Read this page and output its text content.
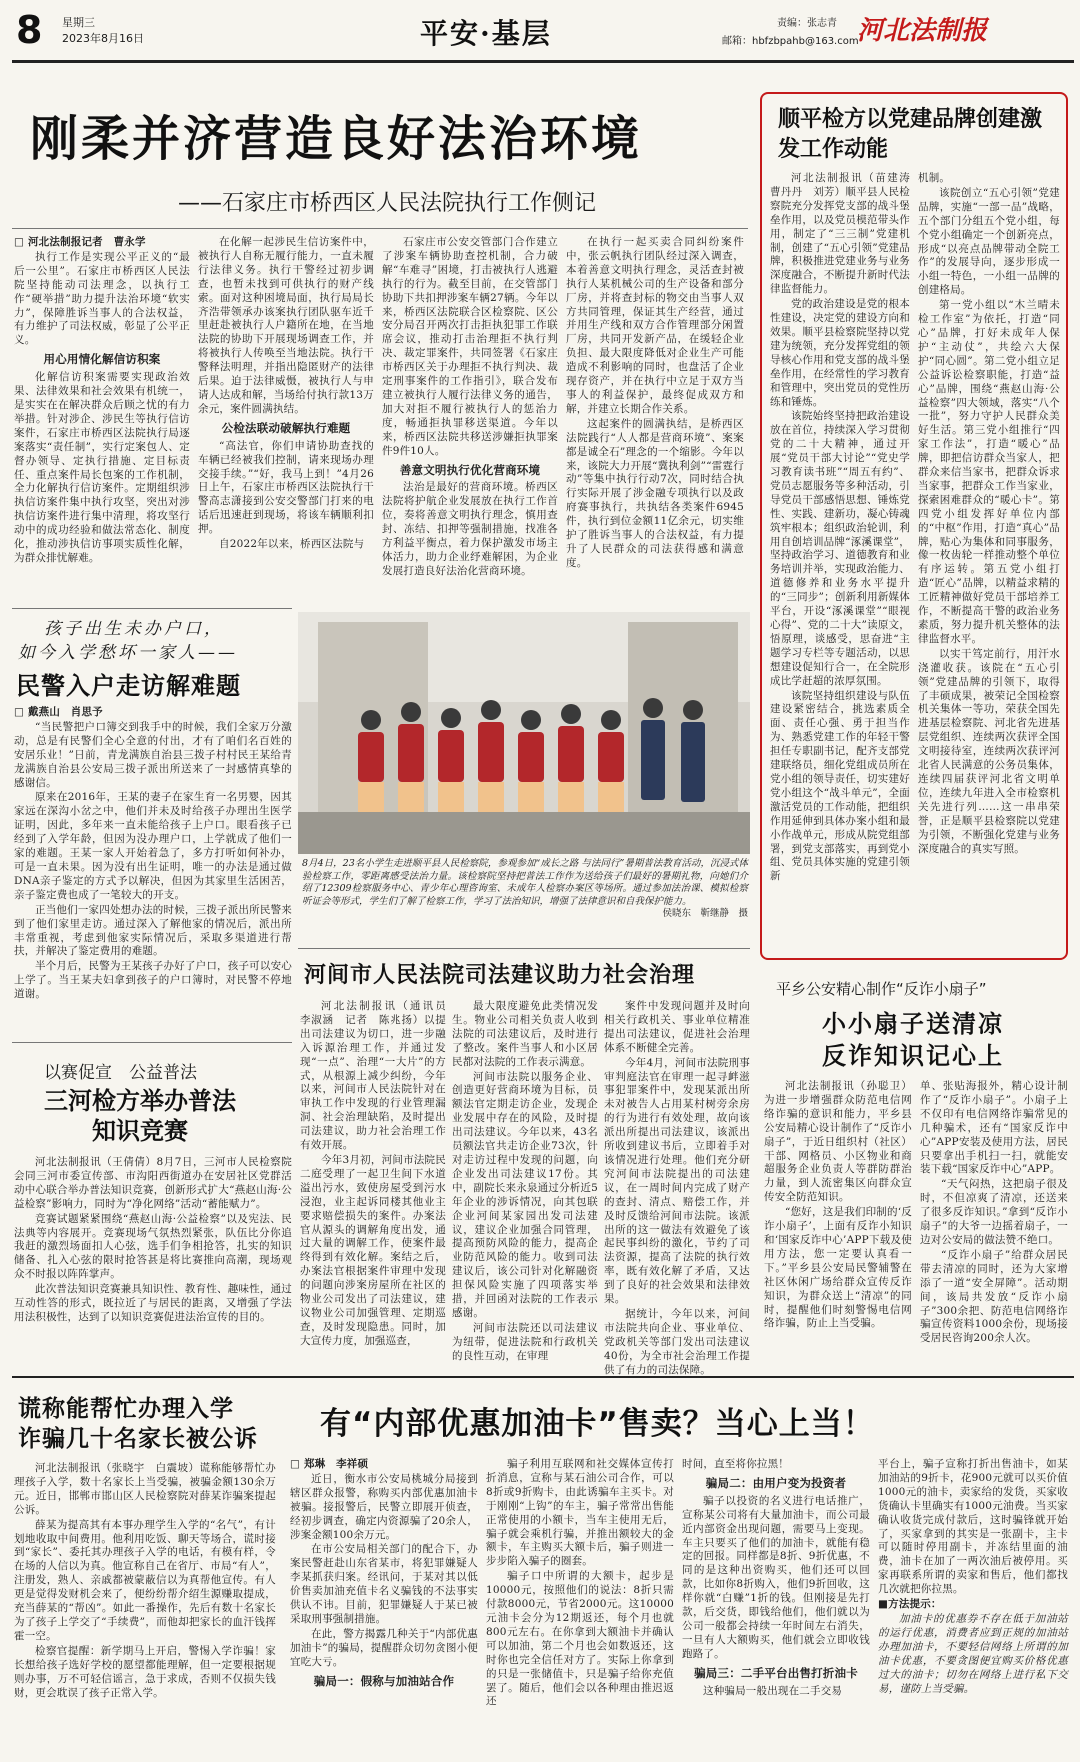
8 星期三
2023年8月16日	平安·基层	责编：张志青
邮箱：hbfzbpahb@163.com
河北法制报
刚柔并济营造良好法治环境
——石家庄市桥西区人民法院执行工作侧记

□ 河北法制报记者　曹永学

执行工作是实现公平正义的“最后一公里”。石家庄市桥西区人民法院坚持能动司法理念，以执行工作“硬举措”助力提升法治环境“软实力”，保障胜诉当事人的合法权益，有力维护了司法权威，彰显了公平正义。

用心用情化解信访积案

化解信访积案需要实现政治效果、法律效果和社会效果有机统一，是实实在在解决群众后顾之忧的有力举措。针对涉企、涉民生等执行信访案件，石家庄市桥西区法院执行局逐案落实“责任制”，实行定案包人、定督办领导、定执行措施、定目标责任、重点案件局长包案的工作机制，全力化解执行信访案件。定期组织涉执信访案件集中执行攻坚，突出对涉执信访案件进行集中清理，将攻坚行动中的成功经验和做法常态化、制度化，推动涉执信访事项实质性化解，为群众排忧解难。

在化解一起涉民生信访案件中，被执行人自称无履行能力，一直未履行法律义务。执行干警经过初步调查，也暂未找到可供执行的财产线索。面对这种困境局面，执行局局长齐浩带领承办该案执行团队驱车近千里赶赴被执行人户籍所在地，在当地法院的协助下开展现场调查工作，并将被执行人传唤至当地法院。执行干警释法明理，并指出隐匿财产的法律后果。迫于法律威慑，被执行人与申请人达成和解，当场给付执行款13万余元，案件圆满执结。

公检法联动破解执行难题

“高法官，你们申请协助查找的车辆已经被我们控制，请来现场办理交接手续。”“好，我马上到！”4月26日上午，石家庄市桥西区法院执行干警高志潇接到公安交警部门打来的电话后迅速赶到现场，将该车辆顺利扣押。

自2022年以来，桥西区法院与

石家庄市公安交管部门合作建立了涉案车辆协助查控机制，合力破解“车难寻”困境，打击被执行人逃避执行的行为。截至目前，在交管部门协助下共扣押涉案车辆27辆。今年以来，桥西区法院联合区检察院、区公安分局召开两次打击拒执犯罪工作联席会议，推动打击治理拒不执行判决、裁定罪案件，共同签署《石家庄市桥西区关于办理拒不执行判决、裁定刑事案件的工作指引》，联合发布建立被执行人履行法律义务的通告，加大对拒不履行被执行人的惩治力度，畅通拒执罪移送渠道。今年以来，桥西区法院共移送涉嫌拒执罪案件9件10人。

善意文明执行优化营商环境

法治是最好的营商环境。桥西区法院将护航企业发展放在执行工作首位，奏将善意文明执行理念，慎用查封、冻结、扣押等强制措施，找准各方利益平衡点，着力保护激发市场主体活力，助力企业纾难解困，为企业发展打造良好法治化营商环境。

在执行一起买卖合同纠纷案件中，张云帆执行团队经过深入调查，本着善意文明执行理念，灵活查封被执行人某机械公司的生产设备和部分厂房，并将查封标的物交由当事人双方共同管理，保证其生产经营，通过并用生产线和双方合作管理部分闲置厂房，共同开发新产品，在缓轻企业负担、最大限度降低对企业生产可能造成不利影响的同时，也盘活了企业现存资产，并在执行中立足于双方当事人的利益保护，最终促成双方和解，并建立长期合作关系。

这起案件的圆满执结，是桥西区法院践行“人人都是营商环境”、案案都是诚全石”理念的一个缩影。今年以来，该院大力开展“冀执利剑”“雷霆行动”等集中执行行动7次，同时结合执行实际开展了涉金融专项执行以及政府赛事执行，共执结各类案件6945件，执行到位金额11亿余元，切实维护了胜诉当事人的合法权益，有力提升了人民群众的司法获得感和满意度。

顺平检方以党建品牌创建激发工作动能

河北法制报讯（苗建涛　曹丹丹　刘芳）顺平县人民检察院充分发挥党支部的战斗堡垒作用，以及党员模范带头作用，制定了“三三制”党建机制，创建了“五心引领”党建品牌，积极推进党建业务与业务深度融合，不断提升新时代法律监督能力。

党的政治建设是党的根本性建设，决定党的建设方向和效果。顺平县检察院坚持以党建为统领，充分发挥党组的领导核心作用和党支部的战斗堡垒作用，在经常性的学习教育和管理中，突出党员的党性历练和锤炼。

该院始终坚持把政治建设放在首位，持续深入学习贯彻党的二十大精神，通过开展“党员干部大讨论”“党史学习教育读书班”“周五有约”、党员志愿服务等多种活动，引导党员干部感悟思想、锤炼党性、实践、建新功，凝心铸魂筑牢根本；组织政治轮训，利用自创培训品牌“涿溪课堂”，坚持政治学习、道德教育和业务培训并举，实现政治能力、道德修养和业务水平提升的“三同步”；创新利用新媒体平台，开设“涿溪课堂”“眼视心得”、党的二十大”读原文，悟原理，谈感受，思奋进“主题学习专栏等专题活动，以思想建设促知行合一，在全院形成比学赶超的浓厚氛围。

该院坚持组织建设与队伍建设紧密结合，挑选素质全面、责任心强、勇于担当作为、熟悉党建工作的年轻干警担任专职副书记，配齐支部党建联络员，细化党组成员所在党小组的领导责任，切实建好党小组这个“战斗单元”，全面激活党员的工作动能，把组织作用延伸到具体办案小组和最小作战单元，形成从院党组部署，到党支部落实，再到党小组、党员具体实施的党建引领新

机制。

该院创立“五心引领”党建品牌，实施“一部一品”战略，五个部门分组五个党小组，每个党小组确定一个创新亮点，形成“以亮点品牌带动全院工作”的发展导向，逐步形成一小组一特色，一小组一品牌的创建格局。

第一党小组以“木兰晴未检工作室”为依托，打造“同心”品牌，打好未成年人保护“主动仗”，共绘六大保护“同心圆”。第二党小组立足公益诉讼检察职能，打造“益心”品牌，围绕“燕赵山海·公益检察”四大领域，落实“八个一批”，努力守护人民群众美好生活。第三党小组推行“四家工作法”，打造“暖心”品牌，即把信访群众当家人，把群众来信当家书，把群众诉求当家事，把群众工作当家业，探索困难群众的“暖心卡”。第四党小组发挥好单位内部的“中枢”作用，打造“真心”品牌，贴心为集体和同事服务，像一枚齿轮一样推动整个单位有序运转。第五党小组打造“匠心”品牌，以精益求精的工匠精神做好党员干部培养工作，不断提高干警的政治业务素质，努力提升机关整体的法律监督水平。

以实干笃定前行，用汗水浇灌收获。该院在“五心引领”党建品牌的引领下，取得了丰硕成果，被荣记全国检察机关集体一等功，荣获全国先进基层检察院、河北省先进基层党组织、连续两次获评全国文明接待室，连续两次获评河北省人民满意的公务员集体，连续四届获评河北省文明单位，连续九年进入全市检察机关先进行列……这一串串荣誉，正是顺平县检察院以党建为引领，不断强化党建与业务深度融合的真实写照。

孩子出生未办户口，
如今入学愁坏一家人——
民警入户走访解难题

□ 戴燕山　肖思予

“当民警把户口簿交到我手中的时候，我们全家万分激动，总是有民警们全心全意的付出，才有了咱们名百姓的安居乐业！”日前，青龙满族自治县三拨子村村民王某给青龙满族自治县公安局三拨子派出所送来了一封感情真挚的感谢信。

原来在2016年，王某的妻子在家生育一名男婴，因其家远在深沟小岔之中，他们并未及时给孩子办理出生医学证明，因此，多年来一直未能给孩子上户口。眼看孩子已经到了入学年龄，但因为没办理户口，上学就成了他们一家的难题。王某一家人开始着急了，多方打听如何补办，可是一直未果。因为没有出生证明，唯一的办法是通过做DNA亲子鉴定的方式予以解决，但因为其家里生活困苦，亲子鉴定费也成了一笔较大的开支。

正当他们一家四处想办法的时候，三拨子派出所民警来到了他们家里走访。通过深入了解他家的情况后，派出所丰常重视，考虑到他家实际情况后，采取多渠道进行帮扶，并解决了鉴定费用的难题。

半个月后，民警为王某孩子办好了户口，孩子可以安心上学了。当王某夫妇拿到孩子的户口簿时，对民警不停地道谢。

8月4日，23名小学生走进顺平县人民检察院，参观参加“成长之路 与法同行”暑期普法教育活动，沉浸式体验检察工作，零距离感受法治力量。该检察院坚持把普法工作作为送给孩子们最好的暑期礼物，向她们介绍了12309检察服务中心、青少年心理咨询室、未成年人检察办案区等场所。通过参加法治课、模拟检察听证会等形式，学生们了解了检察工作，学习了法治知识，增强了法律意识和自我保护能力。
侯晓东　靳继静　摄
河间市人民法院司法建议助力社会治理

河北法制报讯（通讯员　李淑涵　记者　陈兆扬）以提出司法建议为切口，进一步融入诉源治理工作，并通过发现“一点”、治理“一大片”的方式，从根源上减少纠纷，今年以来，河间市人民法院针对在审执工作中发现的行业管理漏洞、社会治理缺陷，及时提出司法建议，助力社会治理工作有效开展。

今年3月初，河间市法院民二庭受理了一起卫生间下水道溢出污水，致使房屋受到污水浸泡，业主起诉同楼其他业主要求赔偿损失的案件。办案法官从源头的调解角度出发，通过大量的调解工作，使案件最终得到有效化解。案结之后，办案法官根据案件审理中发现的问题向涉案房屋所在社区的物业公司发出了司法建议，建议物业公司加强管理、定期巡查，及时发现隐患。同时，加大宣传力度，加强巡查，

最大限度避免此类情况发生。物业公司相关负责人收到法院的司法建议后，及时进行了整改。案件当事人和小区居民都对法院的工作表示满意。

河间市法院以服务企业、创造更好营商环境为目标，员额法官定期走访企业，发现企业发展中存在的风险，及时提出司法建议。今年以来，43名员额法官共走访企业73次，针对走访过程中发现的问题，向企业发出司法建议17份。其中，副院长来永泉通过分析近5年企业的涉诉情况，向其包联企业河间某家园出发司法建议，建议企业加强合同管理，提高预防风险的能力，提高企业防范风险的能力。收到司法建议后，该公司针对化解融资担保风险实施了四项落实举措，并回函对法院的工作表示感谢。

河间市法院还以司法建议为纽带，促进法院和行政机关的良性互动，在审理

案件中发现问题并及时向相关行政机关、事业单位精准提出司法建议，促进社会治理体系不断健全完善。

今年4月，河间市法院刑事审判庭法官在审理一起寻衅滋事犯罪案件中，发现某派出所未对被告人占用某村树旁余房的行为进行有效处理，故向该派出所提出司法建议，该派出所收到建议书后，立即着手对该情况进行处理。他们充分研究河间市法院提出的司法建议，在一周时间内完成了财产的查封、清点、赔偿工作，并及时反馈给河间市法院。该派出所的这一做法有效避免了该起民事纠纷的激化，节约了司法资源，提高了法院的执行效率，既有效化解了矛盾，又达到了良好的社会效果和法律效果。

据统计，今年以来，河间市法院共向企业、事业单位、党政机关等部门发出司法建议40份，为全市社会治理工作提供了有力的司法保障。

平乡公安精心制作“反诈小扇子”
小小扇子送清凉
反诈知识记心上

河北法制报讯（孙聪卫）为进一步增强群众防范电信网络诈骗的意识和能力，平乡县公安局精心设计制作了“反诈小扇子”，于近日组织村（社区）干部、网格员、小区物业和商超服务企业负责人等群防群治力量，到人流密集区向群众宣传安全防范知识。

“您好，这是我们印制的‘反诈小扇子’，上面有反诈小知识和‘国家反诈中心’APP下载及使用方法，您一定要认真看一下。”平乡县公安局民警辅警在社区休闲广场给群众宣传反诈知识，为群众送上“清凉”的同时，提醒他们时刻警惕电信网络诈骗，防止上当受骗。

单、张贴海报外，精心设计制作了“反诈小扇子”。小扇子上不仅印有电信网络诈骗常见的几种骗术，还有“国家反诈中心”APP安装及使用方法，居民只要拿出手机扫一扫，就能安装下载“国家反诈中心”APP。

“天气闷热，这把扇子很及时，不但凉爽了清凉，还送来了很多反诈知识。”拿到“反诈小扇子”的大爷一边摇着扇子，一边对公安局的做法赞不绝口。

“反诈小扇子”给群众居民带去清凉的同时，还为大家增添了一道“安全屏障”。活动期间，该局共发放“反诈小扇子”300余把、防范电信网络诈骗宣传资料1000余份，现场接受居民咨询200余人次。

以赛促宣　公益普法
三河检方举办普法知识竞赛

河北法制报讯（王倩倩）8月7日，三河市人民检察院会同三河市委宣传部、市沟阳西街道办在安居社区党群活动中心联合举办普法知识竞赛，创新形式扩大“燕赵山海·公益检察”影响力，同时为“净化网络”活动“蓄能赋力”。

竞赛试题紧紧围绕“燕赵山海·公益检察”以及宪法、民法典等内容展开。竞赛现场气氛热烈紧张，队伍比分你追我赶的激烈场面扣人心弦，选手们争相抢答，扎实的知识储备、扎入心弦的限时抢答甚是将比赛推向高潮，现场观众不时报以阵阵掌声。

此次普法知识竞赛兼具知识性、教育性、趣味性，通过互动性答的形式，既拉近了与居民的距离，又增强了学法用法积极性，达到了以知识竞赛促进法治宣传的目的。

谎称能帮忙办理入学
诈骗几十名家长被公诉

河北法制报讯（张晓宇　白震坡）谎称能够帮忙办理孩子入学，数十名家长上当受骗，被骗金额130余万元。近日，邯郸市邯山区人民检察院对薛某诈骗案提起公诉。

薛某为提高其有本事办理学生入学的“名气”，有计划地收取中间费用。他利用吃饭、聊天等场合，谎时接到“家长”、委托其办理孩子入学的电话，有模有样，令在场的人信以为真。他宣称自己在省厅、市局“有人”，注册发，熟人、亲戚都被蒙蔽信以为真帮他宣传。有人更是觉得发财机会来了，便纷纷帮介绍生源赚取提成，充当薛某的“帮凶”。如此一番操作，先后有数十名家长为了孩子上学交了“手续费”，而他却把家长的血汗钱挥霍一空。

检察官提醒：新学期马上开启，警惕入学诈骗！家长想给孩子选好学校的愿望都能理解，但一定要根据规则办事，万不可轻信谣言，急于求成，否则不仅损失钱财，更会耽误了孩子正常入学。

有“内部优惠加油卡”售卖？当心上当！

□ 郑琳　李祥硕

近日，衡水市公安局桃城分局接到辖区群众报警，称购买内部优惠加油卡被骗。接报警后，民警立即展开侦查，经初步调查，确定内资源骗了20余人，涉案金额100余万元。

在市公安局相关部门的配合下，办案民警赶赴山东省某市，将犯罪嫌疑人李某抓获归案。经讯问，于某对其以低价售卖加油充值卡名义骗钱的不法事实供认不讳。目前，犯罪嫌疑人于某已被采取刑事强制措施。

在此，警方揭露几种关于“内部优惠加油卡”的骗局，提醒群众切勿贪图小便宜吃大亏。

骗局一：假称与加油站合作

骗子利用互联网和社交媒体宣传打折消息，宣称与某石油公司合作，可以8折或9折购卡，由此诱骗车主买卡。对于刚刚“上钩”的车主，骗子常常出售能正常使用的小额卡，当车主使用无后，骗子就会乘机行骗，并推出额较大的金额卡，车主购买大额卡后，骗子则进一步步陷入骗子的圈套。

骗子口中所谓的大额卡，起步是10000元，按照他们的说法：8折只需付款8000元，节省2000元。这10000元油卡会分为12期返还，每个月也就800元左右。在你拿到大额油卡并确认可以加油，第二个月也会如数返还，这时你也完全信任对方了。实际上你拿到的只是一张储值卡，只是骗子给你充值罢了。随后，他们会以各种理由推迟返还

时间，直至将你拉黑！

骗局二：由用户变为投资者

骗子以投资的名义进行电话推广，宣称某公司将有大量加油卡，而公司最近内部资金出现问题，需要马上变现。车主只要买了他们的加油卡，就能有稳定的回报。同样都是8折、9折优惠，不同的是这种出资购买，他们还可以回款，比如你8折购入，他们9折回收，这样你就“白赚”1折的钱。但刚接是先打款，后交货，即钱给他们，他们就以为公司一般都会持续一年时间左右消失，一旦有人大额购买，他们就会立即收钱跑路了。

骗局三：二手平台出售打折油卡

这种骗局一般出现在二手交易

平台上，骗子宣称打折出售油卡，如某加油站的9折卡，花900元就可以买价值1000元的油卡，卖家给的发货，买家收货确认卡里确实有1000元油费。当买家确认收货完成付款后，这时骗锋就开始了，买家拿到的其实是一张副卡，主卡可以随时停用副卡，并冻结里面的油费，油卡在加了一两次油后被停用。买家再联系所谓的卖家和售后，他们都找几次就把你拉黑。

■方法提示：

加油卡的优惠券不存在低于加油站的运行优惠，消费者应到正规的加油站办理加油卡，不要轻信网络上所谓的加油卡优惠，不要贪图便宜购买价格优惠过大的油卡；切勿在网络上进行私下交易，谨防上当受骗。
